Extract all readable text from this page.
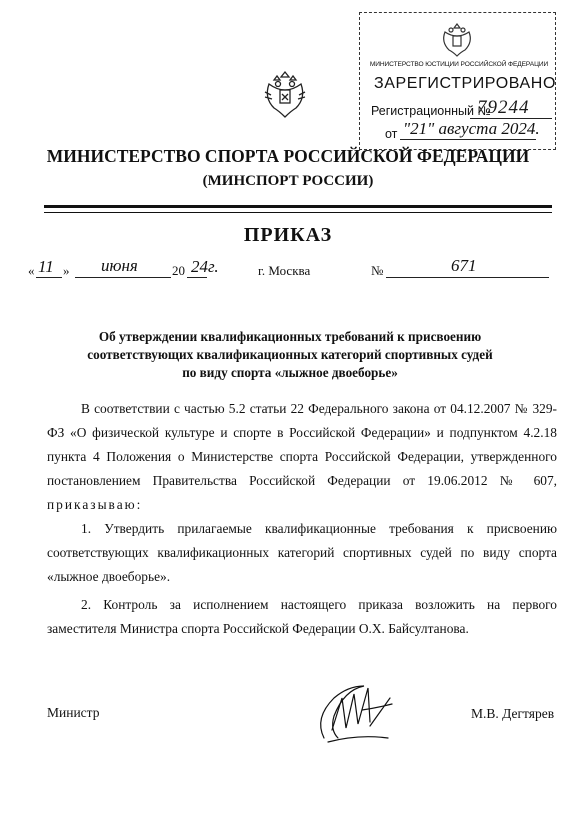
МИНИСТЕРСТВО ЮСТИЦИИ РОССИЙСКОЙ ФЕДЕРАЦИИ
ЗАРЕГИСТРИРОВАНО
Регистрационный №
79244
от "21" августа 2024.
МИНИСТЕРСТВО СПОРТА РОССИЙСКОЙ ФЕДЕРАЦИИ
(МИНСПОРТ РОССИИ)
ПРИКАЗ
« 11 » июня	20 24г.	г. Москва	№	671
Об утверждении квалификационных требований к присвоению
соответствующих квалификационных категорий спортивных судей
по виду спорта «лыжное двоеборье»
В соответствии с частью 5.2 статьи 22 Федерального закона от 04.12.2007 № 329-ФЗ «О физической культуре и спорте в Российской Федерации» и подпунктом 4.2.18 пункта 4 Положения о Министерстве спорта Российской Федерации, утвержденного постановлением Правительства Российской Федерации от 19.06.2012 № 607, приказываю:
1. Утвердить прилагаемые квалификационные требования к присвоению соответствующих квалификационных категорий спортивных судей по виду спорта «лыжное двоеборье».
2. Контроль за исполнением настоящего приказа возложить на первого заместителя Министра спорта Российской Федерации О.Х. Байсултанова.
Министр	М.В. Дегтярев
